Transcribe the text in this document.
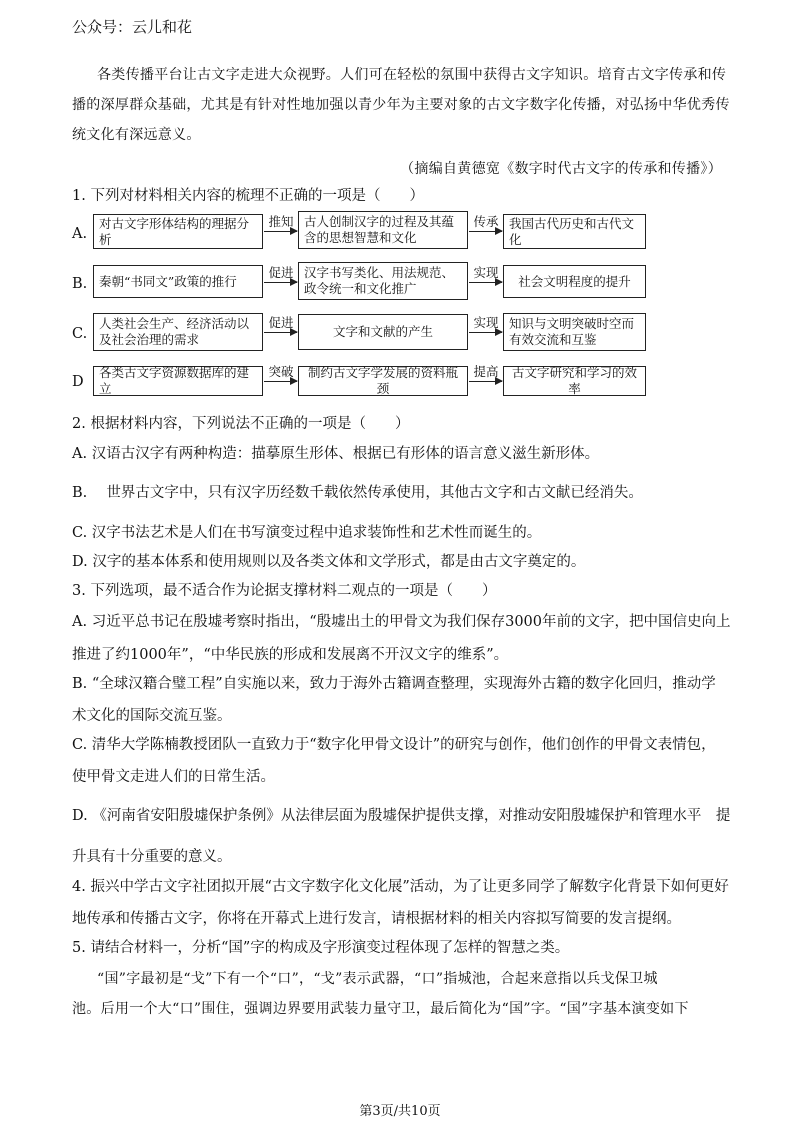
公众号：云儿和花
各类传播平台让古文字走进大众视野。人们可在轻松的氛围中获得古文字知识。培育古文字传承和传
播的深厚群众基础，尤其是有针对性地加强以青少年为主要对象的古文字数字化传播，对弘扬中华优秀传
统文化有深远意义。
（摘编自黄德宽《数字时代古文字的传承和传播》）
1. 下列对材料相关内容的梳理不正确的一项是（　　）
A.
对古文字形体结构的理据分析
推知 古人创制汉字的过程及其蕴含的思想智慧和文化
传承 我国古代历史和古代文化
B. 秦朝“书同文”政策的推行
促进 汉字书写类化、用法规范、政令统一和文化推广
实现
社会文明程度的提升
C.
人类社会生产、经济活动以及社会治理的需求
促进
文字和文献的产生
实现 知识与文明突破时空而有效交流和互鉴
D
各类古文字资源数据库的建立
突破	制约古文字学发展的资料瓶颈
提高	古文字研究和学习的效率
2. 根据材料内容，下列说法不正确的一项是（　　）
A. 汉语古汉字有两种构造：描摹原生形体、根据已有形体的语言意义滋生新形体。
B.　 世界古文字中，只有汉字历经数千载依然传承使用，其他古文字和古文献已经消失。
C. 汉字书法艺术是人们在书写演变过程中追求装饰性和艺术性而诞生的。
D. 汉字的基本体系和使用规则以及各类文体和文学形式，都是由古文字奠定的。
3. 下列选项，最不适合作为论据支撑材料二观点的一项是（　　）
A. 习近平总书记在殷墟考察时指出，“殷墟出土的甲骨文为我们保存3000年前的文字，把中国信史向上
推进了约1000年”，“中华民族的形成和发展离不开汉文字的维系”。
B. “全球汉籍合璧工程”自实施以来，致力于海外古籍调查整理，实现海外古籍的数字化回归，推动学
术文化的国际交流互鉴。
C. 清华大学陈楠教授团队一直致力于“数字化甲骨文设计”的研究与创作，他们创作的甲骨文表情包，
使甲骨文走进人们的日常生活。
D. 《河南省安阳殷墟保护条例》从法律层面为殷墟保护提供支撑，对推动安阳殷墟保护和管理水平　提
升具有十分重要的意义。
4. 振兴中学古文字社团拟开展“古文字数字化文化展”活动，为了让更多同学了解数字化背景下如何更好
地传承和传播古文字，你将在开幕式上进行发言，请根据材料的相关内容拟写简要的发言提纲。
5. 请结合材料一，分析“国”字的构成及字形演变过程体现了怎样的智慧之类。
“国”字最初是“戈”下有一个“口”，“戈”表示武器，“口”指城池，合起来意指以兵戈保卫城
池。后用一个大“口”围住，强调边界要用武装力量守卫，最后简化为“国”字。“国”字基本演变如下
第3页/共10页
